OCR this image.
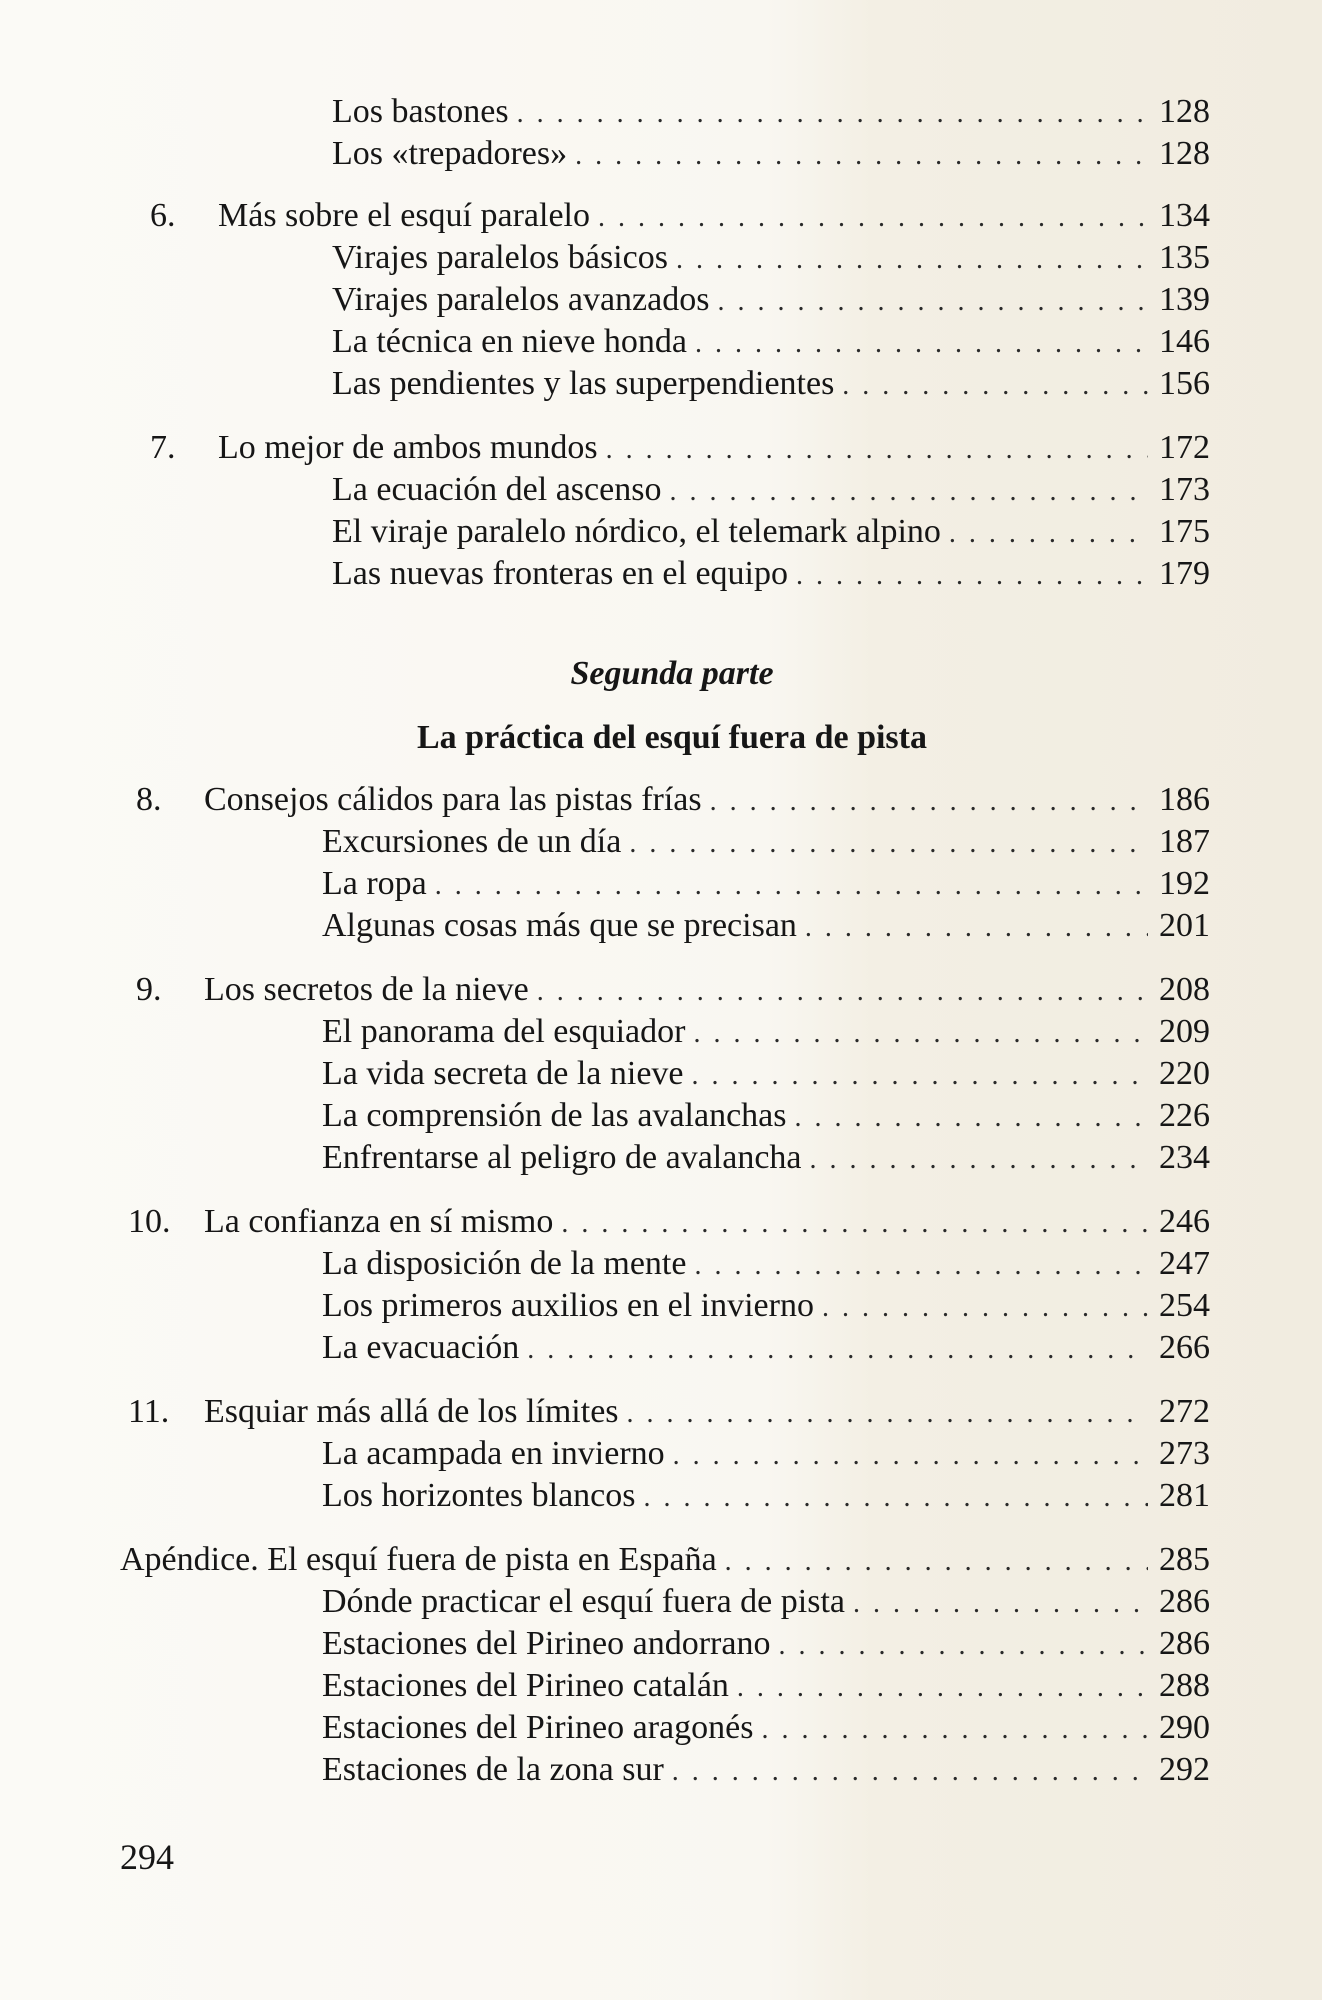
Los bastones . . .	128
Los «trepadores» . . .	128
6. Más sobre el esquí paralelo . . .	134
Virajes paralelos básicos . . .	135
Virajes paralelos avanzados . . .	139
La técnica en nieve honda . . .	146
Las pendientes y las superpendientes . . .	156
7. Lo mejor de ambos mundos . . .	172
La ecuación del ascenso . . .	173
El viraje paralelo nórdico, el telemark alpino . . .	175
Las nuevas fronteras en el equipo . . .	179
Segunda parte
La práctica del esquí fuera de pista
8. Consejos cálidos para las pistas frías . . .	186
Excursiones de un día . . .	187
La ropa . . .	192
Algunas cosas más que se precisan . . .	201
9. Los secretos de la nieve . . .	208
El panorama del esquiador . . .	209
La vida secreta de la nieve . . .	220
La comprensión de las avalanchas . . .	226
Enfrentarse al peligro de avalancha . . .	234
10. La confianza en sí mismo . . .	246
La disposición de la mente . . .	247
Los primeros auxilios en el invierno . . .	254
La evacuación . . .	266
11. Esquiar más allá de los límites . . .	272
La acampada en invierno . . .	273
Los horizontes blancos . . .	281
Apéndice. El esquí fuera de pista en España . . .	285
Dónde practicar el esquí fuera de pista . . .	286
Estaciones del Pirineo andorrano . . .	286
Estaciones del Pirineo catalán . . .	288
Estaciones del Pirineo aragonés . . .	290
Estaciones de la zona sur . . .	292
294
